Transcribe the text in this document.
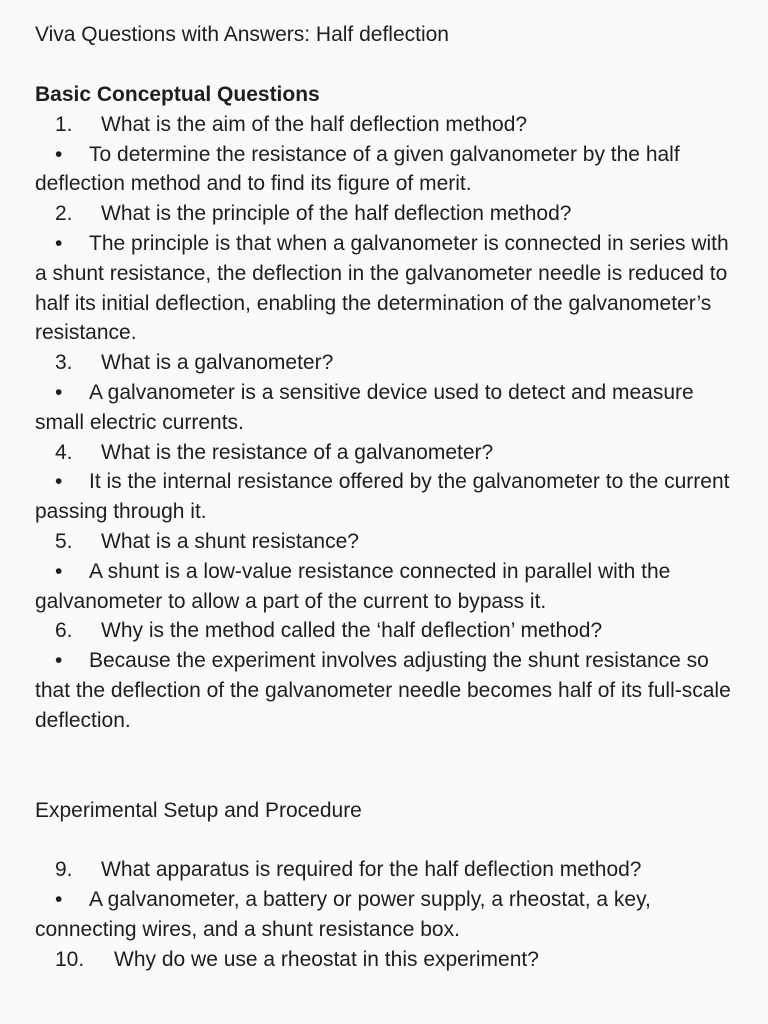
Viva Questions with Answers: Half deflection
Basic Conceptual Questions
1. What is the aim of the half deflection method?
• To determine the resistance of a given galvanometer by the half deflection method and to find its figure of merit.
2. What is the principle of the half deflection method?
• The principle is that when a galvanometer is connected in series with a shunt resistance, the deflection in the galvanometer needle is reduced to half its initial deflection, enabling the determination of the galvanometer’s resistance.
3. What is a galvanometer?
• A galvanometer is a sensitive device used to detect and measure small electric currents.
4. What is the resistance of a galvanometer?
• It is the internal resistance offered by the galvanometer to the current passing through it.
5. What is a shunt resistance?
• A shunt is a low-value resistance connected in parallel with the galvanometer to allow a part of the current to bypass it.
6. Why is the method called the ‘half deflection’ method?
• Because the experiment involves adjusting the shunt resistance so that the deflection of the galvanometer needle becomes half of its full-scale deflection.
Experimental Setup and Procedure
9. What apparatus is required for the half deflection method?
• A galvanometer, a battery or power supply, a rheostat, a key, connecting wires, and a shunt resistance box.
10. Why do we use a rheostat in this experiment?
